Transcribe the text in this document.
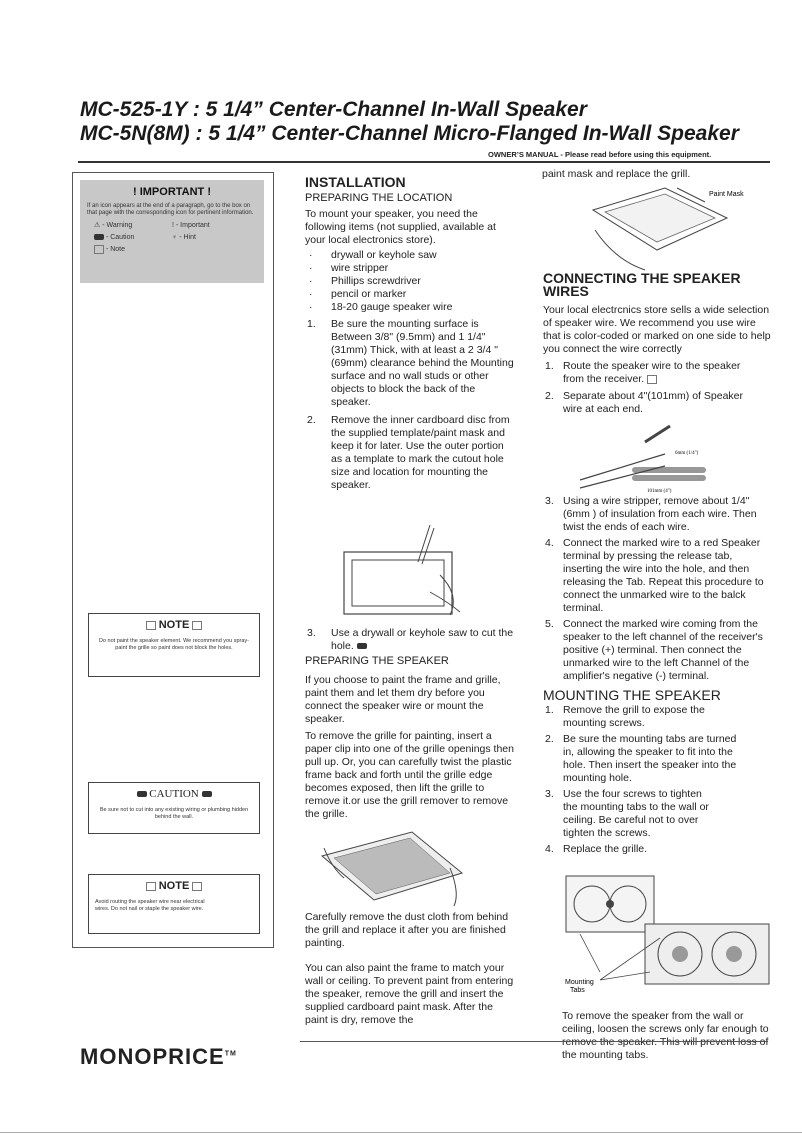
MC-525-1Y : 5 1/4” Center-Channel In-Wall Speaker
MC-5N(8M) : 5 1/4” Center-Channel Micro-Flanged In-Wall Speaker
OWNER’S MANUAL - Please read before using this equipment.
! IMPORTANT !
If an icon appears at the end of a paragraph, go to the box on that page with the corresponding icon for pertinent information.
⚠ - Warning	! - Important
- Caution	♀ - Hint
- Note
NOTE
Do not paint the speaker element. We recommend you spray-paint the grille so paint does not block the holes.
CAUTION
Be sure not to cut into any existing wiring or plumbing hidden behind the wall.
NOTE
Avoid routing the speaker wire near electrical wires. Do not nail or staple the speaker wire.
INSTALLATION
PREPARING THE LOCATION
To mount your speaker, you need the following items (not supplied, available at your local electronics store).
· drywall or keyhole saw
· wire stripper
· Phillips screwdriver
· pencil or marker
· 18-20 gauge speaker wire
1. Be sure the mounting surface is Between 3/8" (9.5mm) and 1 1/4" (31mm) Thick, with at least a 2 3/4 " (69mm) clearance behind the Mounting surface and no wall studs or other objects to block the back of the speaker.
2. Remove the inner cardboard disc from the supplied template/paint mask and keep it for later. Use the outer portion as a template to mark the cutout hole size and location for mounting the speaker.
3. Use a drywall or keyhole saw to cut the hole.
PREPARING THE SPEAKER
If you choose to paint the frame and grille, paint them and let them dry before you connect the speaker wire or mount the speaker.
To remove the grille for painting, insert a paper clip into one of the grille openings then pull up. Or, you can carefully twist the plastic frame back and forth until the grille edge becomes exposed, then lift the grille to remove it.or use the grill remover to remove the grille.
Carefully remove the dust cloth from behind the grill and replace it after you are finished painting.
You can also paint the frame to match your wall or ceiling. To prevent paint from entering the speaker, remove the grill and insert the supplied cardboard paint mask. After the paint is dry, remove the
paint mask and replace the grill.
Paint Mask
CONNECTING THE SPEAKER WIRES
Your local electrcnics store sells a wide selection of speaker wire. We recommend you use wire that is color-coded or marked on one side to help you connect the wire correctly
1. Route the speaker wire to the speaker from the receiver.
2. Separate about 4"(101mm) of Speaker wire at each end.
6mm (1/4")
101mm (4")
3. Using a wire stripper, remove about 1/4"(6mm ) of insulation from each wire. Then twist the ends of each wire.
4. Connect the marked wire to a red Speaker terminal by pressing the release tab, inserting the wire into the hole, and then releasing the Tab. Repeat this procedure to connect the unmarked wire to the balck terminal.
5. Connect the marked wire coming from the speaker to the left channel of the receiver's positive (+) terminal. Then connect the unmarked wire to the left Channel of the amplifier's negative (-) terminal.
MOUNTING THE SPEAKER
1. Remove the grill to expose the mounting screws.
2. Be sure the mounting tabs are turned in, allowing the speaker to fit into the hole. Then insert the speaker into the mounting hole.
3. Use the four screws to tighten the mounting tabs to the wall or ceiling. Be careful not to over tighten the screws.
4. Replace the grille.
Mounting Tabs
To remove the speaker from the wall or ceiling, loosen the screws only far enough to remove the speaker. This will prevent loss of the mounting tabs.
MONOPRICE™
